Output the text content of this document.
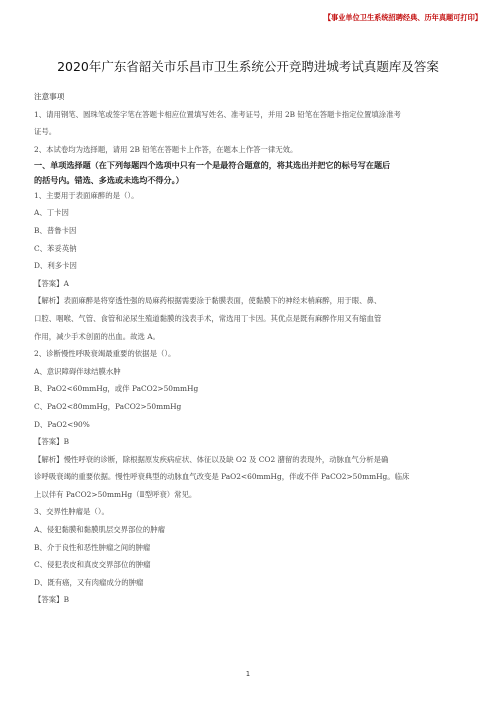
【事业单位卫生系统招聘经典、历年真题可打印】
2020年广东省韶关市乐昌市卫生系统公开竞聘进城考试真题库及答案

注意事项

1、请用钢笔、圆珠笔或签字笔在答题卡相应位置填写姓名、准考证号，并用 2B 铅笔在答题卡指定位置填涂准考

证号。

2、本试卷均为选择题，请用 2B 铅笔在答题卡上作答，在题本上作答一律无效。

一、单项选择题（在下列每题四个选项中只有一个是最符合题意的，将其选出并把它的标号写在题后

的括号内。错选、多选或未选均不得分。）

1、主要用于表面麻醉的是（）。

A、丁卡因

B、普鲁卡因

C、苯妥英钠

D、利多卡因

【答案】A

【解析】表面麻醉是将穿透性强的局麻药根据需要涂于黏膜表面，使黏膜下的神经末梢麻醉，用于眼、鼻、

口腔、咽喉、气管、食管和泌尿生殖道黏膜的浅表手术，常选用丁卡因。其优点是既有麻醉作用又有缩血管

作用，减少手术创面的出血。故选 A。

2、诊断慢性呼吸衰竭最重要的依据是（）。

A、意识障碍伴球结膜水肿

B、PaO2<60mmHg，或伴 PaCO2>50mmHg

C、PaO2<80mmHg，PaCO2>50mmHg

D、PaO2<90%

【答案】B

【解析】慢性呼衰的诊断，除根据原发疾病症状、体征以及缺 O2 及 CO2 潴留的表现外，动脉血气分析是确

诊呼吸衰竭的重要依据。慢性呼衰典型的动脉血气改变是 PaO2<60mmHg，伴或不伴 PaCO2>50mmHg。临床

上以伴有 PaCO2>50mmHg（Ⅱ型呼衰）常见。

3、交界性肿瘤是（）。

A、侵犯黏膜和黏膜肌层交界部位的肿瘤

B、介于良性和恶性肿瘤之间的肿瘤

C、侵犯表皮和真皮交界部位的肿瘤

D、既有癌，又有肉瘤成分的肿瘤

【答案】B

1
